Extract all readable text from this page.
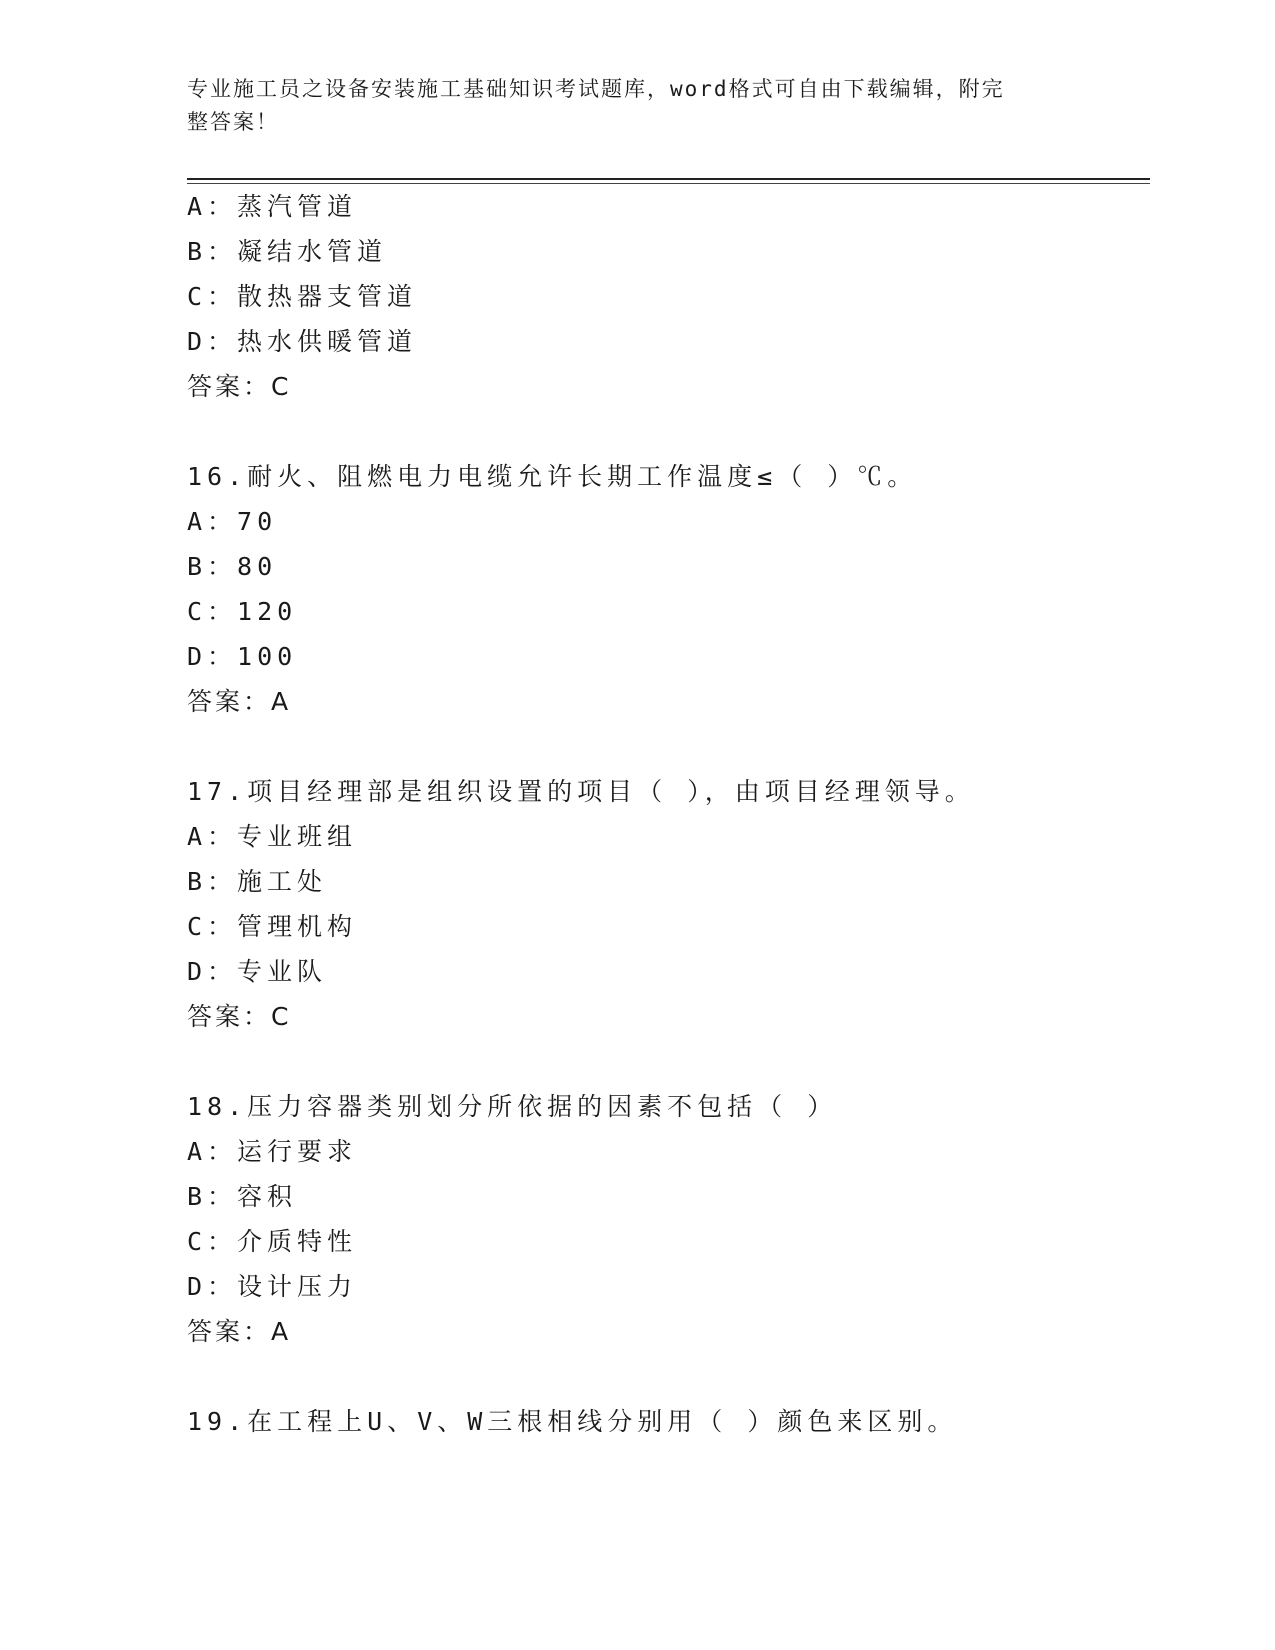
专业施工员之设备安装施工基础知识考试题库，word格式可自由下载编辑，附完
整答案！
A：蒸汽管道
B：凝结水管道
C：散热器支管道
D：热水供暖管道
答案：C
16.耐火、阻燃电力电缆允许长期工作温度≤（ ）℃。
A：70
B：80
C：120
D：100
答案：A
17.项目经理部是组织设置的项目（ ），由项目经理领导。
A：专业班组
B：施工处
C：管理机构
D：专业队
答案：C
18.压力容器类别划分所依据的因素不包括（ ）
A：运行要求
B：容积
C：介质特性
D：设计压力
答案：A
19.在工程上U、V、W三根相线分别用（ ）颜色来区别。
